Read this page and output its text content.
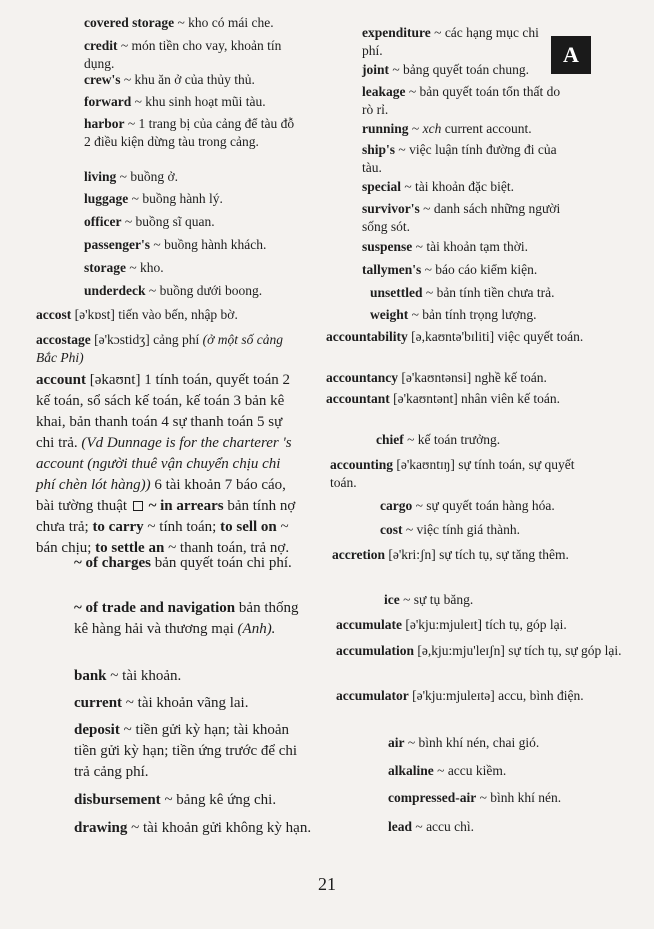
covered storage ~ kho có mái che.
credit ~ món tiền cho vay, khoản tín dụng.
crew's ~ khu ăn ở của thủy thủ.
forward ~ khu sinh hoạt mũi tàu.
harbor ~ 1 trang bị của cảng để tàu đỗ 2 điều kiện dừng tàu trong cảng.
living ~ buồng ở.
luggage ~ buồng hành lý.
officer ~ buồng sĩ quan.
passenger's ~ buồng hành khách.
storage ~ kho.
underdeck ~ buồng dưới boong.
accost [ə'kɒst] tiến vào bến, nhập bờ.
accostage [ə'kɔstidʒ] cảng phí (ở một số cảng Bắc Phi)
account [əkaʊnt] 1 tính toán, quyết toán 2 kế toán, sổ sách kế toán, kế toán 3 bản kê khai, bản thanh toán 4 sự thanh toán 5 sự chi trả. (Vd Dunnage is for the charterer 's account (người thuê vận chuyển chịu chi phí chèn lót hàng)) 6 tài khoản 7 báo cáo, bài tường thuật  ~ in arrears bản tính nợ chưa trả; to carry ~ tính toán; to sell on ~ bán chịu; to settle an ~ thanh toán, trả nợ.
~ of charges bản quyết toán chi phí.
~ of trade and navigation bản thống kê hàng hải và thương mại (Anh).
bank ~ tài khoản.
current ~ tài khoản vãng lai.
deposit ~ tiền gửi kỳ hạn; tài khoản tiền gửi kỳ hạn; tiền ứng trước để chi trả cảng phí.
disbursement ~ bảng kê ứng chi.
drawing ~ tài khoản gửi không kỳ hạn.
expenditure ~ các hạng mục chi phí.
joint ~ bảng quyết toán chung.
leakage ~ bản quyết toán tổn thất do rò rỉ.
running ~ xch current account.
ship's ~ việc luận tính đường đi của tàu.
special ~ tài khoản đặc biệt.
survivor's ~ danh sách những người sống sót.
suspense ~ tài khoản tạm thời.
tallymen's ~ báo cáo kiểm kiện.
unsettled ~ bản tính tiền chưa trả.
weight ~ bản tính trọng lượng.
accountability [ə,kaʊntə'bɪliti] việc quyết toán.
accountancy [ə'kaʊntənsi] nghề kế toán.
accountant [ə'kaʊntənt] nhân viên kế toán.
chief ~ kế toán trưởng.
accounting [ə'kaʊntɪŋ] sự tính toán, sự quyết toán.
cargo ~ sự quyết toán hàng hóa.
cost ~ việc tính giá thành.
accretion [ə'kri:ʃn] sự tích tụ, sự tăng thêm.
ice ~ sự tụ băng.
accumulate [ə'kju:mjuleɪt] tích tụ, góp lại.
accumulation [ə,kju:mju'leɪʃn] sự tích tụ, sự góp lại.
accumulator [ə'kju:mjuleɪtə] accu, bình điện.
air ~ bình khí nén, chai gió.
alkaline ~ accu kiềm.
compressed-air ~ bình khí nén.
lead ~ accu chì.
A
21
